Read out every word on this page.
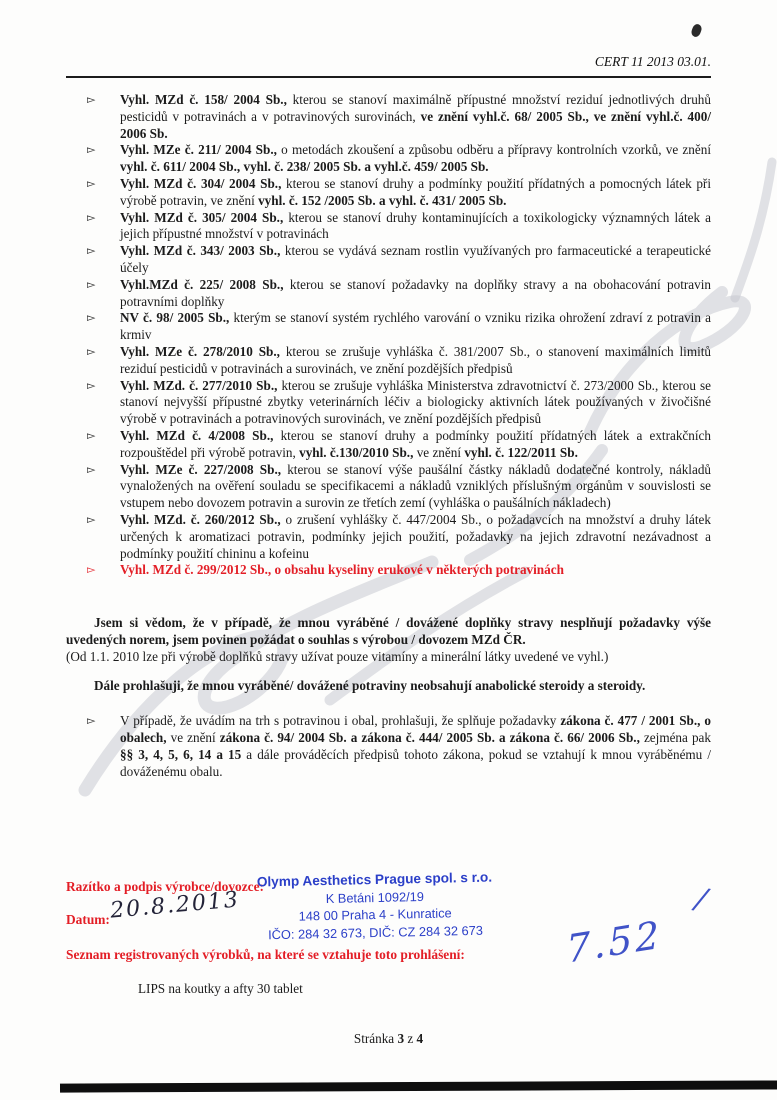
CERT 11 2013 03.01.
▻	Vyhl. MZd č. 158/ 2004 Sb., kterou se stanoví maximálně přípustné množství reziduí jednotlivých druhů pesticidů v potravinách a v potravinových surovinách, ve znění vyhl.č. 68/ 2005 Sb., ve znění vyhl.č. 400/ 2006 Sb.
▻	Vyhl. MZe č. 211/ 2004 Sb., o metodách zkoušení a způsobu odběru a přípravy kontrolních vzorků, ve znění vyhl. č. 611/ 2004 Sb., vyhl. č. 238/ 2005 Sb. a vyhl.č. 459/ 2005 Sb.
▻	Vyhl. MZd č. 304/ 2004 Sb., kterou se stanoví druhy a podmínky použití přídatných a pomocných látek při výrobě potravin, ve znění vyhl. č. 152 /2005 Sb. a vyhl. č. 431/ 2005 Sb.
▻	Vyhl. MZd č. 305/ 2004 Sb., kterou se stanoví druhy kontaminujících a toxikologicky významných látek a jejich přípustné množství v potravinách
▻	Vyhl. MZd č. 343/ 2003 Sb., kterou se vydává seznam rostlin využívaných pro farmaceutické a terapeutické účely
▻	Vyhl.MZd č. 225/ 2008 Sb., kterou se stanoví požadavky na doplňky stravy a na obohacování potravin potravními doplňky
▻	NV č. 98/ 2005 Sb., kterým se stanoví systém rychlého varování o vzniku rizika ohrožení zdraví z potravin a krmiv
▻	Vyhl. MZe č. 278/2010 Sb., kterou se zrušuje vyhláška č. 381/2007 Sb., o stanovení maximálních limitů reziduí pesticidů v potravinách a surovinách, ve znění pozdějších předpisů
▻	Vyhl. MZd. č. 277/2010 Sb., kterou se zrušuje vyhláška Ministerstva zdravotnictví č. 273/2000 Sb., kterou se stanoví nejvyšší přípustné zbytky veterinárních léčiv a biologicky aktivních látek používaných v živočišné výrobě v potravinách a potravinových surovinách, ve znění pozdějších předpisů
▻	Vyhl. MZd č. 4/2008 Sb., kterou se stanoví druhy a podmínky použití přídatných látek a extrakčních rozpouštědel při výrobě potravin, vyhl. č.130/2010 Sb., ve znění vyhl. č. 122/2011 Sb.
▻	Vyhl. MZe č. 227/2008 Sb., kterou se stanoví výše paušální částky nákladů dodatečné kontroly, nákladů vynaložených na ověření souladu se specifikacemi a nákladů vzniklých příslušným orgánům v souvislosti se vstupem nebo dovozem potravin a surovin ze třetích zemí (vyhláška o paušálních nákladech)
▻	Vyhl. MZd. č. 260/2012 Sb., o zrušení vyhlášky č. 447/2004 Sb., o požadavcích na množství a druhy látek určených k aromatizaci potravin, podmínky jejich použití, požadavky na jejich zdravotní nezávadnost a podmínky použití chininu a kofeinu
▻	Vyhl. MZd č. 299/2012 Sb., o obsahu kyseliny erukové v některých potravinách

Jsem si vědom, že v případě, že mnou vyráběné / dovážené doplňky stravy nesplňují požadavky výše uvedených norem, jsem povinen požádat o souhlas s výrobou / dovozem MZd ČR.

(Od 1.1. 2010 lze při výrobě doplňků stravy užívat pouze vitamíny a minerální látky uvedené ve vyhl.)

Dále prohlašuji, že mnou vyráběné/ dovážené potraviny neobsahují anabolické steroidy a steroidy.

▻	V případě, že uvádím na trh s potravinou i obal, prohlašuji, že splňuje požadavky zákona č. 477 / 2001 Sb., o obalech, ve znění zákona č. 94/ 2004 Sb. a zákona č. 444/ 2005 Sb. a zákona č. 66/ 2006 Sb., zejména pak §§ 3, 4, 5, 6, 14 a 15 a dále prováděcích předpisů tohoto zákona, pokud se vztahují k mnou vyráběnému / dováženému obalu.
Razítko a podpis výrobce/dovozce:
Olymp Aesthetics Prague spol. s r.o.
K Betáni 1092/19
148 00 Praha 4 - Kunratice
IČO: 284 32 673, DIČ: CZ 284 32 673
Datum: 20.8.2013
Seznam registrovaných výrobků, na které se vztahuje toto prohlášení:
LIPS na koutky a afty 30 tablet
7.52
/
Stránka 3 z 4
